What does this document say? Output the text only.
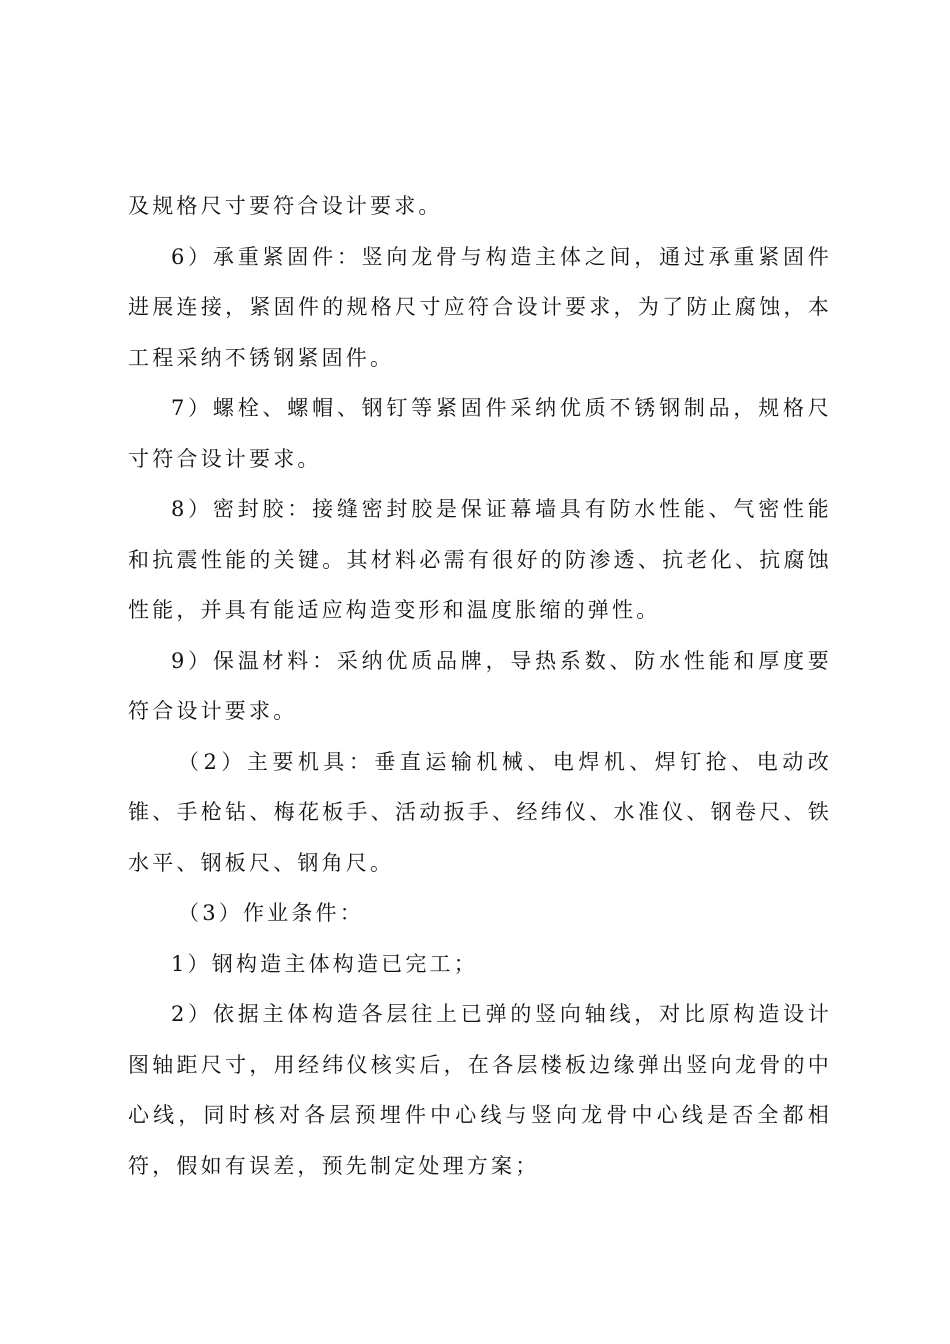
及规格尺寸要符合设计要求。

6）承重紧固件：竖向龙骨与构造主体之间，通过承重紧固件进展连接，紧固件的规格尺寸应符合设计要求，为了防止腐蚀，本工程采纳不锈钢紧固件。

7）螺栓、螺帽、钢钉等紧固件采纳优质不锈钢制品，规格尺寸符合设计要求。

8）密封胶：接缝密封胶是保证幕墙具有防水性能、气密性能和抗震性能的关键。其材料必需有很好的防渗透、抗老化、抗腐蚀性能，并具有能适应构造变形和温度胀缩的弹性。

9）保温材料：采纳优质品牌，导热系数、防水性能和厚度要符合设计要求。

（2）主要机具：垂直运输机械、电焊机、焊钉抢、电动改锥、手枪钻、梅花板手、活动扳手、经纬仪、水准仪、钢卷尺、铁水平、钢板尺、钢角尺。

（3）作业条件：

1）钢构造主体构造已完工；

2）依据主体构造各层往上已弹的竖向轴线，对比原构造设计图轴距尺寸，用经纬仪核实后，在各层楼板边缘弹出竖向龙骨的中心线，同时核对各层预埋件中心线与竖向龙骨中心线是否全都相符，假如有误差，预先制定处理方案；
